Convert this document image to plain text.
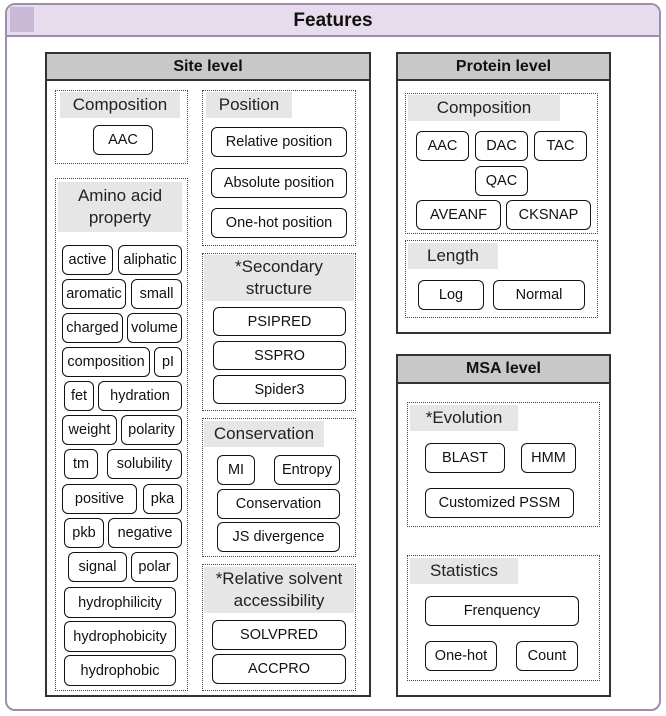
Features
Site level
Composition
AAC
Amino acid property
active	aliphatic
aromatic	small
charged volume
composition	pI
fet	hydration
weight	polarity
tm	solubility
positive	pka
pkb	negative
signal	polar
hydrophilicity
hydrophobicity
hydrophobic
Position
Relative position
Absolute position
One-hot position
*Secondary structure
PSIPRED
SSPRO
Spider3
Conservation
MI	Entropy
Conservation
JS divergence
*Relative solvent accessibility
SOLVPRED
ACCPRO
Protein level
Composition
AAC	DAC	TAC
QAC
AVEANF	CKSNAP
Length
Log	Normal
MSA level
*Evolution
BLAST	HMM
Customized PSSM
Statistics
Frenquency
One-hot	Count
